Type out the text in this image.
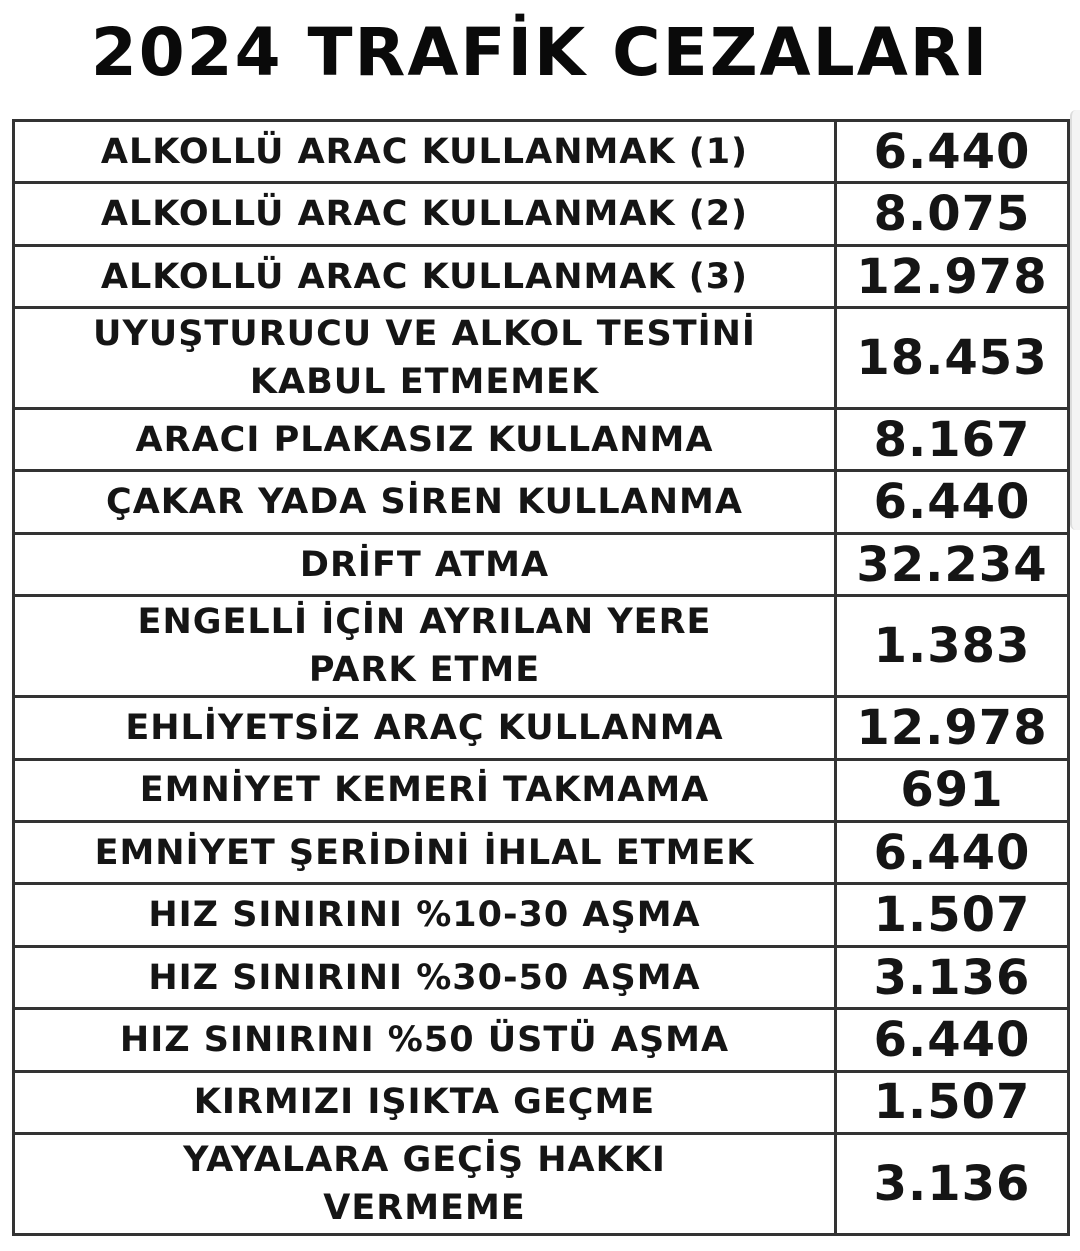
2024 TRAFİK CEZALARI
ALKOLLÜ ARAC KULLANMAK (1)	6.440
ALKOLLÜ ARAC KULLANMAK (2)	8.075
ALKOLLÜ ARAC KULLANMAK (3)	12.978
UYUŞTURUCU VE ALKOL TESTİNİ
KABUL ETMEMEK	18.453
ARACI PLAKASIZ KULLANMA	8.167
ÇAKAR YADA SİREN KULLANMA	6.440
DRİFT ATMA	32.234
ENGELLİ İÇİN AYRILAN YERE
PARK ETME	1.383
EHLİYETSİZ ARAÇ KULLANMA	12.978
EMNİYET KEMERİ TAKMAMA	691
EMNİYET ŞERİDİNİ İHLAL ETMEK	6.440
HIZ SINIRINI %10-30 AŞMA	1.507
HIZ SINIRINI %30-50 AŞMA	3.136
HIZ SINIRINI %50 ÜSTÜ AŞMA	6.440
KIRMIZI IŞIKTA GEÇME	1.507
YAYALARA GEÇİŞ HAKKI
VERMEME	3.136
